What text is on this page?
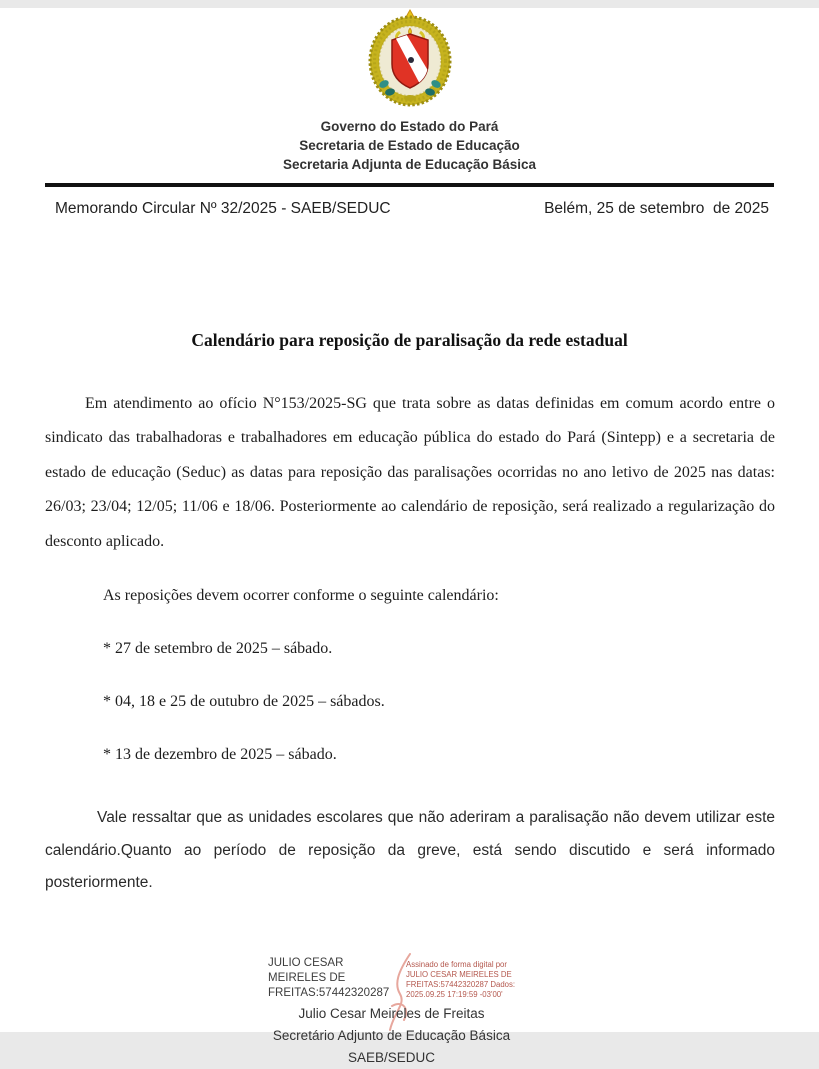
Governo do Estado do Pará
Secretaria de Estado de Educação
Secretaria Adjunta de Educação Básica
Memorando Circular Nº 32/2025 - SAEB/SEDUC	Belém, 25 de setembro  de 2025
Calendário para reposição de paralisação da rede estadual

Em atendimento ao ofício N°153/2025-SG que trata sobre as datas definidas em comum acordo entre o sindicato das trabalhadoras e trabalhadores em educação pública do estado do Pará (Sintepp) e a secretaria de estado de educação (Seduc) as datas para reposição das paralisações ocorridas no ano letivo de 2025 nas datas: 26/03; 23/04; 12/05; 11/06 e 18/06. Posteriormente ao calendário de reposição, será realizado a regularização do desconto aplicado.

As reposições devem ocorrer conforme o seguinte calendário:
* 27 de setembro de 2025 – sábado.
* 04, 18 e 25 de outubro de 2025 – sábados.
* 13 de dezembro de 2025 – sábado.

Vale ressaltar que as unidades escolares que não aderiram a paralisação não devem utilizar este calendário.Quanto ao período de reposição da greve, está sendo discutido e será informado posteriormente.

JULIO CESAR MEIRELES DE FREITAS:57442320287
Assinado de forma digital por JULIO CESAR MEIRELES DE FREITAS:57442320287 Dados: 2025.09.25 17:19:59 -03'00'
Julio Cesar Meireles de Freitas
Secretário Adjunto de Educação Básica
SAEB/SEDUC
